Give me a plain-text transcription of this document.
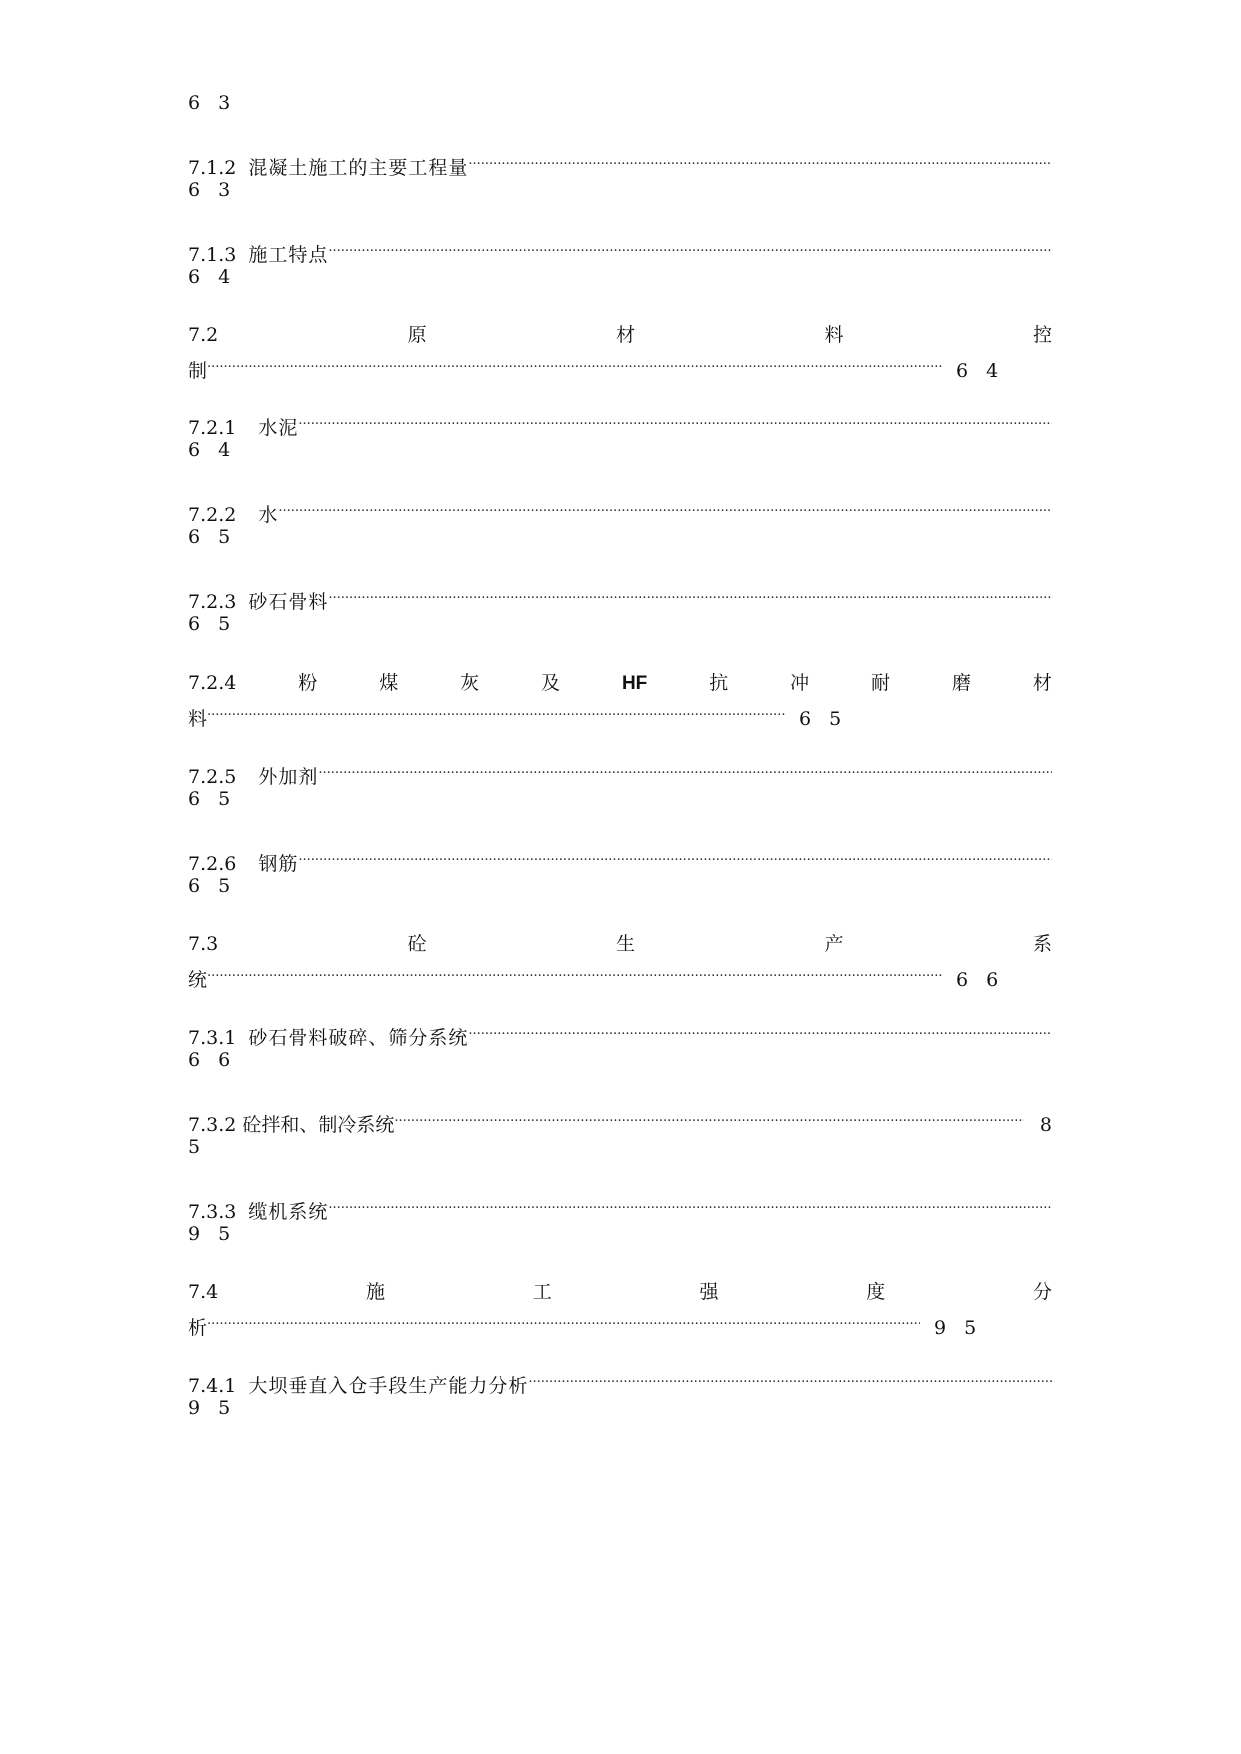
6 3
7.1.2 混凝土施工的主要工程量
.....
6 3
7.1.3 施工特点
.....
6 4
7.2	原	材	料	控
制 .....	6 4
7.2.1 水泥
.....
6 4
7.2.2 水
.....
6 5
7.2.3 砂石骨料
.....
6 5
7.2.4	粉	煤	灰	及	HF	抗	冲	耐	磨	材
料 .....	6 5
7.2.5 外加剂
.....
6 5
7.2.6 钢筋
.....
6 5
7.3	砼	生	产	系
统 .....	6 6
7.3.1 砂石骨料破碎、筛分系统
.....
6 6
7.3.2 砼拌和、制冷系统 .....	8
5
7.3.3 缆机系统
.....
9 5
7.4	施	工	强	度	分
析 .....	9 5
7.4.1 大坝垂直入仓手段生产能力分析
.....
9 5
